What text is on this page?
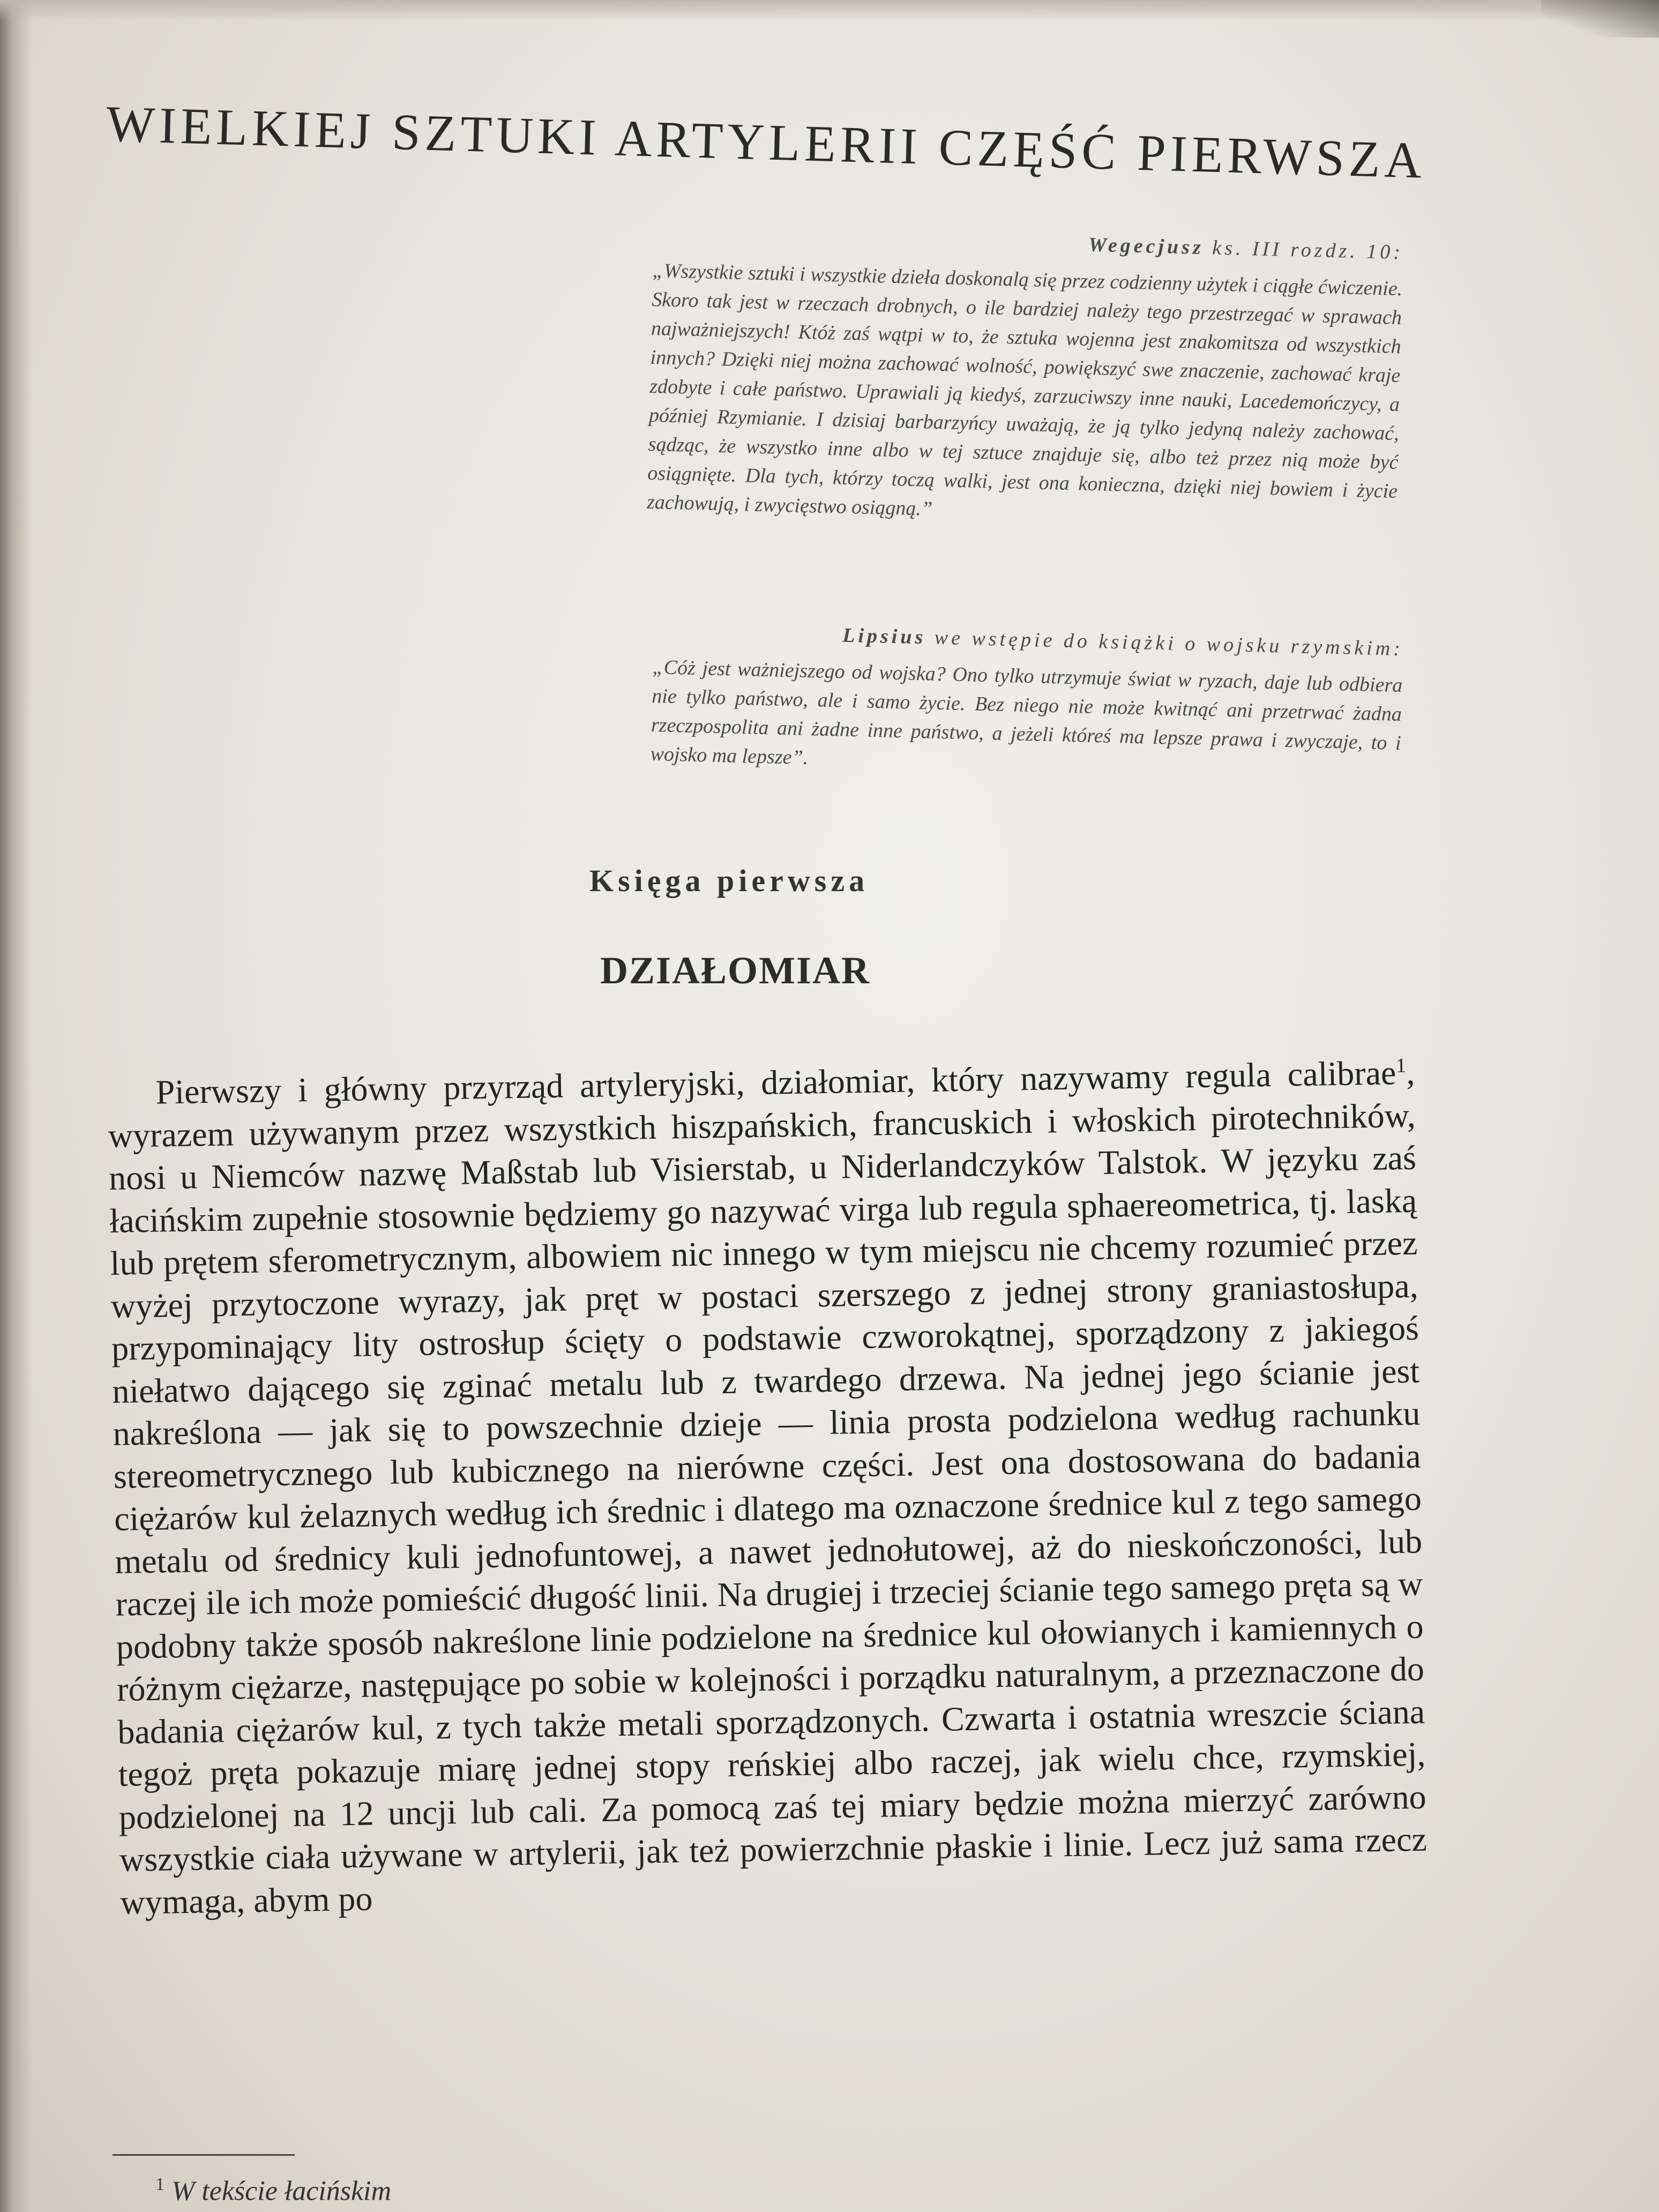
WIELKIEJ SZTUKI ARTYLERII CZĘŚĆ PIERWSZA
Wegecjusz ks. III rozdz. 10:
„Wszystkie sztuki i wszystkie dzieła doskonalą się przez codzienny użytek i ciągłe ćwiczenie. Skoro tak jest w rzeczach drobnych, o ile bardziej należy tego przestrzegać w sprawach najważniejszych! Któż zaś wątpi w to, że sztuka wojenna jest znakomitsza od wszystkich innych? Dzięki niej można zachować wolność, powiększyć swe znaczenie, zachować kraje zdobyte i całe państwo. Uprawiali ją kiedyś, zarzuciwszy inne nauki, Lacedemończycy, a później Rzymianie. I dzisiaj barbarzyńcy uważają, że ją tylko jedyną należy zachować, sądząc, że wszystko inne albo w tej sztuce znajduje się, albo też przez nią może być osiągnięte. Dla tych, którzy toczą walki, jest ona konieczna, dzięki niej bowiem i życie zachowują, i zwycięstwo osiągną.”
Lipsius we wstępie do książki o wojsku rzymskim:
„Cóż jest ważniejszego od wojska? Ono tylko utrzymuje świat w ryzach, daje lub odbiera nie tylko państwo, ale i samo życie. Bez niego nie może kwitnąć ani przetrwać żadna rzeczpospolita ani żadne inne państwo, a jeżeli któreś ma lepsze prawa i zwyczaje, to i wojsko ma lepsze”.
Księga pierwsza
DZIAŁOMIAR

Pierwszy i główny przyrząd artyleryjski, działomiar, który nazywamy regula calibrae$^1$, wyrazem używanym przez wszystkich hiszpańskich, francuskich i włoskich pirotechników, nosi u Niemców nazwę Maßstab lub Visierstab, u Niderlandczyków Talstok. W języku zaś łacińskim zupełnie stosownie będziemy go nazywać virga lub regula sphaereometrica, tj. laską lub prętem sferometrycznym, albowiem nic innego w tym miejscu nie chcemy rozumieć przez wyżej przytoczone wyrazy, jak pręt w postaci szerszego z jednej strony graniastosłupa, przypominający lity ostrosłup ścięty o podstawie czworokątnej, sporządzony z jakiegoś niełatwo dającego się zginać metalu lub z twardego drzewa. Na jednej jego ścianie jest nakreślona — jak się to powszechnie dzieje — linia prosta podzielona według rachunku stereometrycznego lub kubicznego na nierówne części. Jest ona dostosowana do badania ciężarów kul żelaznych według ich średnic i dlatego ma oznaczone średnice kul z tego samego metalu od średnicy kuli jednofuntowej, a nawet jednołutowej, aż do nieskończoności, lub raczej ile ich może pomieścić długość linii. Na drugiej i trzeciej ścianie tego samego pręta są w podobny także sposób nakreślone linie podzielone na średnice kul ołowianych i kamiennych o różnym ciężarze, następujące po sobie w kolejności i porządku naturalnym, a przeznaczone do badania ciężarów kul, z tych także metali sporządzonych. Czwarta i ostatnia wreszcie ściana tegoż pręta pokazuje miarę jednej stopy reńskiej albo raczej, jak wielu chce, rzymskiej, podzielonej na 12 uncji lub cali. Za pomocą zaś tej miary będzie można mierzyć zarówno wszystkie ciała używane w artylerii, jak też powierzchnie płaskie i linie. Lecz już sama rzecz wymaga, abym po

$^1$ W tekście łacińskim
